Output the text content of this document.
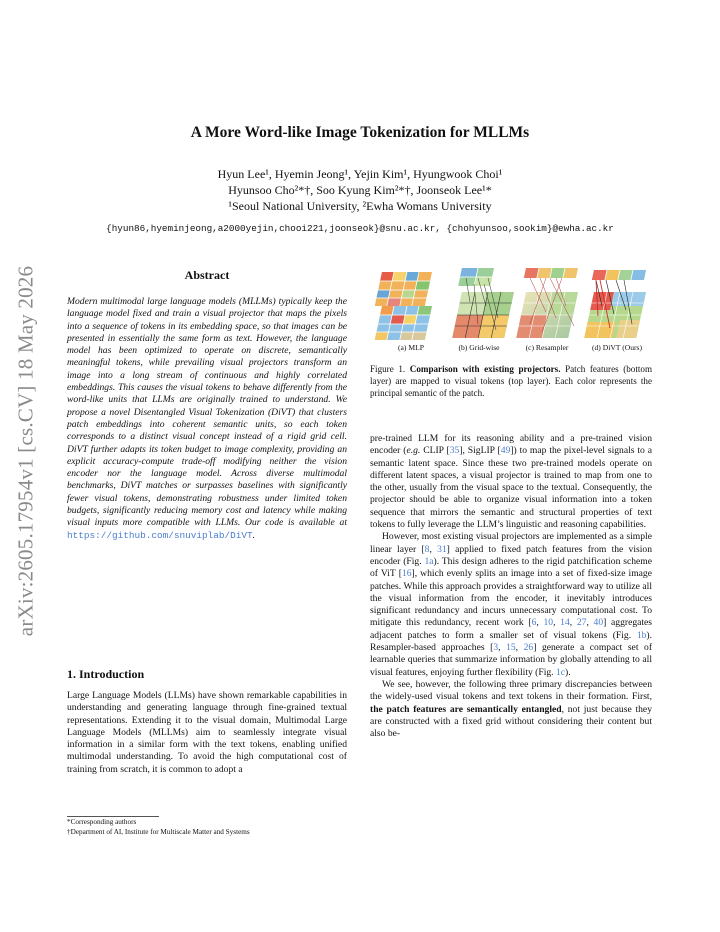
arXiv:2605.17954v1 [cs.CV] 18 May 2026
A More Word-like Image Tokenization for MLLMs
Hyun Lee¹, Hyemin Jeong¹, Yejin Kim¹, Hyungwook Choi¹
Hyunsoo Cho²*†, Soo Kyung Kim²*†, Joonseok Lee¹*
¹Seoul National University, ²Ewha Womans University
{hyun86,hyeminjeong,a2000yejin,chooi221,joonseok}@snu.ac.kr, {chohyunsoo,sookim}@ewha.ac.kr
Abstract
Modern multimodal large language models (MLLMs) typically keep the language model fixed and train a visual projector that maps the pixels into a sequence of tokens in its embedding space, so that images can be presented in essentially the same form as text. However, the language model has been optimized to operate on discrete, semantically meaningful tokens, while prevailing visual projectors transform an image into a long stream of continuous and highly correlated embeddings. This causes the visual tokens to behave differently from the word-like units that LLMs are originally trained to understand. We propose a novel Disentangled Visual Tokenization (DiVT) that clusters patch embeddings into coherent semantic units, so each token corresponds to a distinct visual concept instead of a rigid grid cell. DiVT further adapts its token budget to image complexity, providing an explicit accuracy-compute trade-off modifying neither the vision encoder nor the language model. Across diverse multimodal benchmarks, DiVT matches or surpasses baselines with significantly fewer visual tokens, demonstrating robustness under limited token budgets, significantly reducing memory cost and latency while making visual inputs more compatible with LLMs. Our code is available at https://github.com/snuviplab/DiVT.
1. Introduction
Large Language Models (LLMs) have shown remarkable capabilities in understanding and generating language through fine-grained textual representations. Extending it to the visual domain, Multimodal Large Language Models (MLLMs) aim to seamlessly integrate visual information in a similar form with the text tokens, enabling unified multimodal understanding. To avoid the high computational cost of training from scratch, it is common to adopt a
*Corresponding authors
†Department of AI, Institute for Multiscale Matter and Systems
(a) MLP	(b) Grid-wise	(c) Resampler	(d) DiVT (Ours)
Figure 1. Comparison with existing projectors. Patch features (bottom layer) are mapped to visual tokens (top layer). Each color represents the principal semantic of the patch.

pre-trained LLM for its reasoning ability and a pre-trained vision encoder (e.g. CLIP [35], SigLIP [49]) to map the pixel-level signals to a semantic latent space. Since these two pre-trained models operate on different latent spaces, a visual projector is trained to map from one to the other, usually from the visual space to the textual. Consequently, the projector should be able to organize visual information into a token sequence that mirrors the semantic and structural properties of text tokens to fully leverage the LLM’s linguistic and reasoning capabilities.

However, most existing visual projectors are implemented as a simple linear layer [8, 31] applied to fixed patch features from the vision encoder (Fig. 1a). This design adheres to the rigid patchification scheme of ViT [16], which evenly splits an image into a set of fixed-size image patches. While this approach provides a straightforward way to utilize all the visual information from the encoder, it inevitably introduces significant redundancy and incurs unnecessary computational cost. To mitigate this redundancy, recent work [6, 10, 14, 27, 40] aggregates adjacent patches to form a smaller set of visual tokens (Fig. 1b). Resampler-based approaches [3, 15, 26] generate a compact set of learnable queries that summarize information by globally attending to all visual features, enjoying further flexibility (Fig. 1c).

We see, however, the following three primary discrepancies between the widely-used visual tokens and text tokens in their formation. First, the patch features are semantically entangled, not just because they are constructed with a fixed grid without considering their content but also be-
